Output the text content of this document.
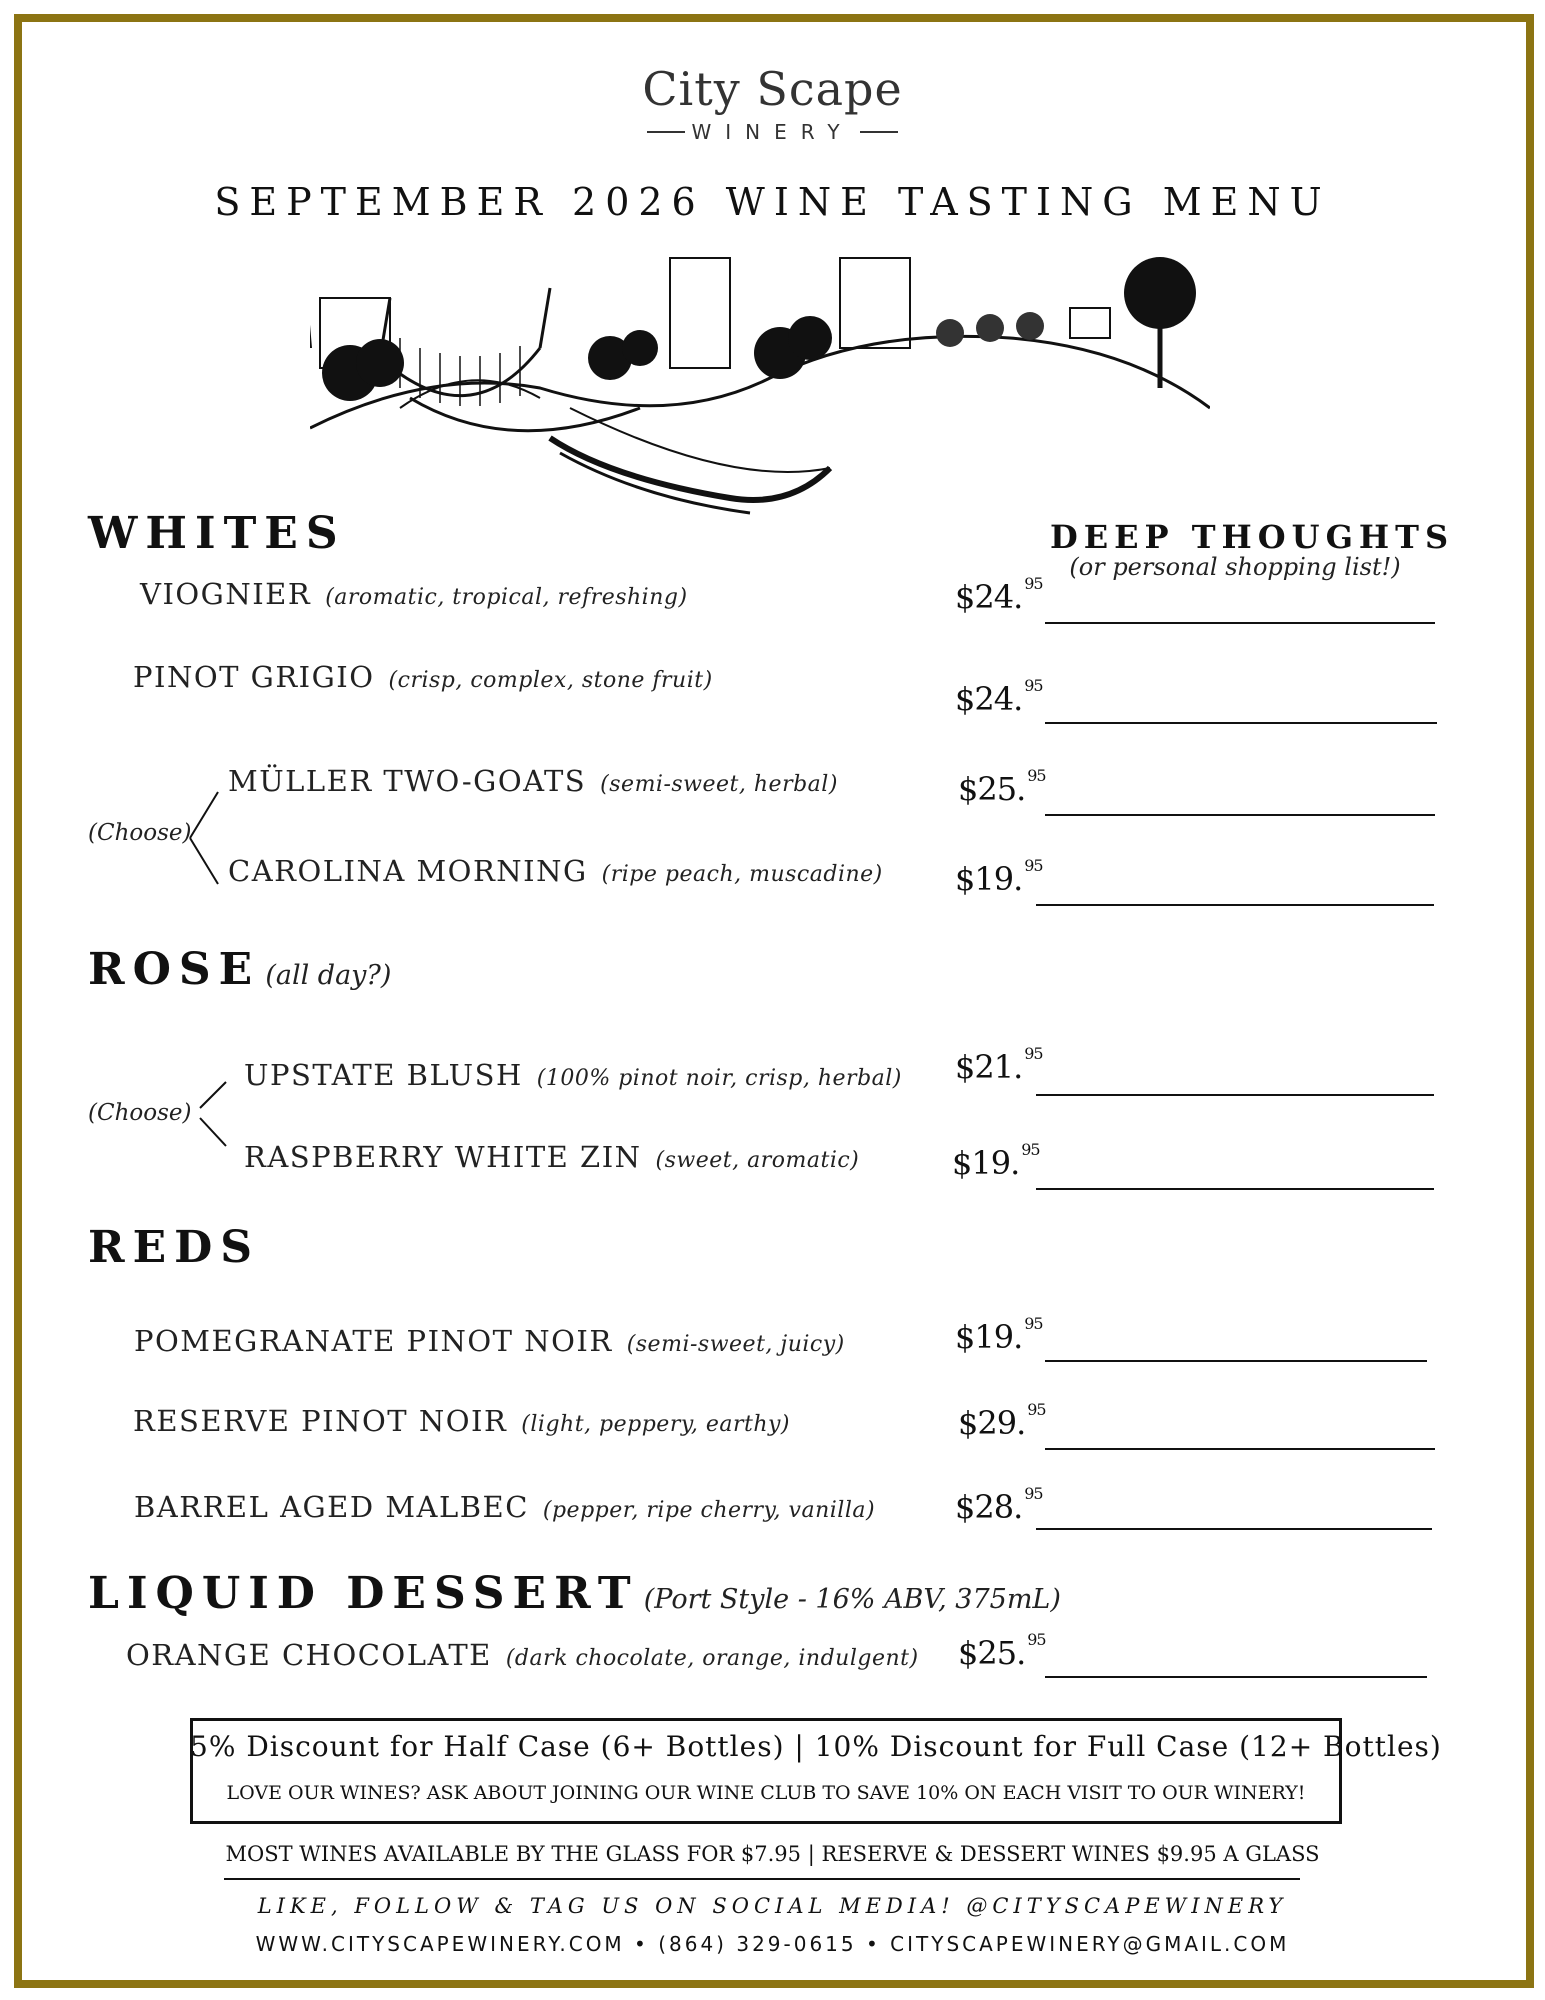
City Scape
WINERY
SEPTEMBER 2026 WINE TASTING MENU
DEEP THOUGHTS
(or personal shopping list!)
WHITES
VIOGNIER (aromatic, tropical, refreshing)	$24. $^{95}$
PINOT GRIGIO (crisp, complex, stone fruit)	$24. $^{95}$
(Choose)
MÜLLER TWO-GOATS (semi-sweet, herbal)	$25. $^{95}$
CAROLINA MORNING (ripe peach, muscadine) $19. $^{95}$
ROSE (all day?)
(Choose)
UPSTATE BLUSH (100% pinot noir, crisp, herbal) $21. $^{95}$
RASPBERRY WHITE ZIN (sweet, aromatic)	$19. $^{95}$
REDS
POMEGRANATE PINOT NOIR (semi-sweet, juicy)	$19. $^{95}$
RESERVE PINOT NOIR (light, peppery, earthy)	$29. $^{95}$
BARREL AGED MALBEC (pepper, ripe cherry, vanilla) $28. $^{95}$
LIQUID DESSERT (Port Style - 16% ABV, 375mL)
ORANGE CHOCOLATE (dark chocolate, orange, indulgent) $25. $^{95}$
5% Discount for Half Case (6+ Bottles) | 10% Discount for Full Case (12+ Bottles)
LOVE OUR WINES? ASK ABOUT JOINING OUR WINE CLUB TO SAVE 10% ON EACH VISIT TO OUR WINERY!
MOST WINES AVAILABLE BY THE GLASS FOR $7.95 | RESERVE & DESSERT WINES $9.95 A GLASS
LIKE, FOLLOW & TAG US ON SOCIAL MEDIA! @CITYSCAPEWINERY
WWW.CITYSCAPEWINERY.COM • (864) 329-0615 • CITYSCAPEWINERY@GMAIL.COM
